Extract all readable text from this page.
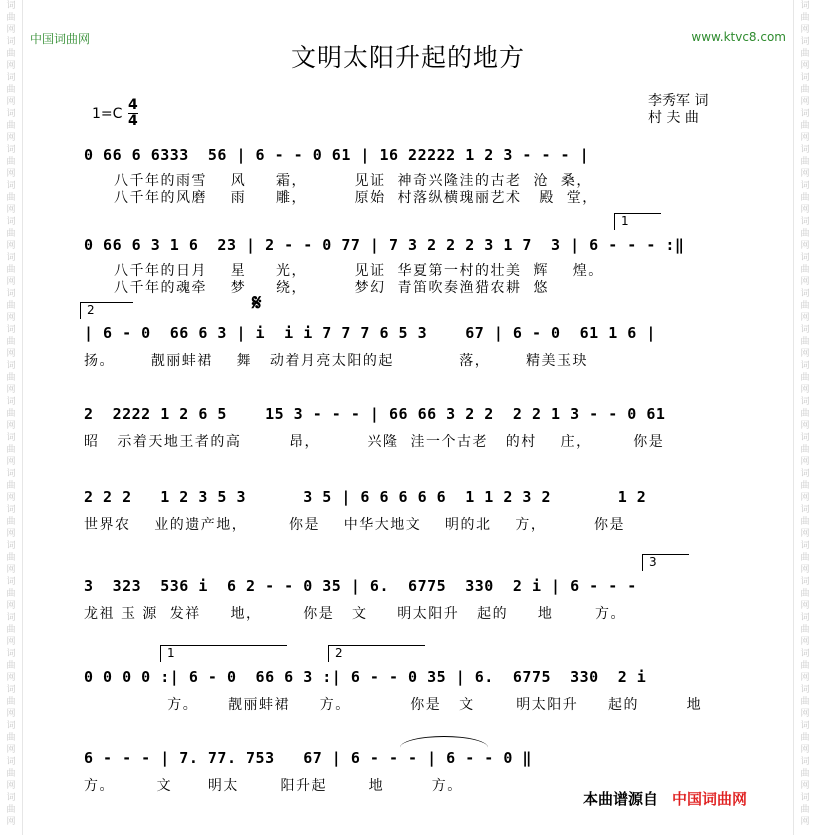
词
曲
网
词
曲
网
词
曲
网
词
曲
网
词
曲
网
词
曲
网
词
曲
网
词
曲
网
词
曲
网
词
曲
网
词
曲
网
词
曲
网
词
曲
网
词
曲
网
词
曲
网
词
曲
网
词
曲
网
词
曲
网
词
曲
网
词
曲
网
词
曲
网
词
曲
网
词
曲
网
词
曲
网
词
曲
网
词
曲
网
词
曲
网
词
曲
网
词
曲
网
词
曲
网
词
曲
网
词
曲
网
词
曲
网
词
曲
网
词
曲
网
词
曲
网
词
曲
网
词
曲
网
词
曲
网
词
曲
网
词
曲
网
词
曲
网
词
曲
网
词
曲
网
词
曲
网
词
曲
网
中国词曲网	www.ktvc8.com
文明太阳升起的地方
1=C
4
4
李秀军 词
村 夫 曲
0 66 6 6333  56 | 6 - - 0 61 | 16 22222 1 2 3 - - - |
八千年的雨雪    风     霜，        见证  神奇兴隆洼的古老  沧  桑，
八千年的风磨    雨     雕，        原始  村落纵横瑰丽艺术   殿  堂，
1
0 66 6 3 1 6  23 | 2 - - 0 77 | 7 3 2 2 2 3 1 7  3 | 6 - - - :‖
八千年的日月    星     光，        见证  华夏第一村的壮美  辉    煌。
八千年的魂牵    梦     绕，        梦幻  青笛吹奏渔猎农耕  悠
2	𝄋
| 6 - 0  66 6 3 | i  i i 7 7 7 6 5 3    67 | 6 - 0  61 1 6 |
扬。      靓丽蚌裙    舞   动着月亮太阳的起           落，      精美玉玦
2  2222 1 2 6 5    15 3 - - - | 66 66 3 2 2  2 2 1 3 - - 0 61
昭   示着天地王者的高        昂，        兴隆  洼一个古老   的村    庄，       你是
2 2 2   1 2 3 5 3      3 5 | 6 6 6 6 6  1 1 2 3 2       1 2
世界农    业的遗产地，       你是    中华大地文    明的北    方，        你是
3
3  323  536 i  6 2 - - 0 35 | 6.  6775  330  2 i | 6 - - -
龙祖 玉 源  发祥     地，       你是   文     明太阳升   起的     地       方。
1	2
0 0 0 0 :| 6 - 0  66 6 3 :| 6 - - 0 35 | 6.  6775  330  2 i
方。     靓丽蚌裙     方。          你是   文       明太阳升     起的        地
6 - - - | 7. 77. 753   67 | 6 - - - | 6 - - 0 ‖
方。       文      明太       阳升起       地        方。
本曲谱源自 中国词曲网
